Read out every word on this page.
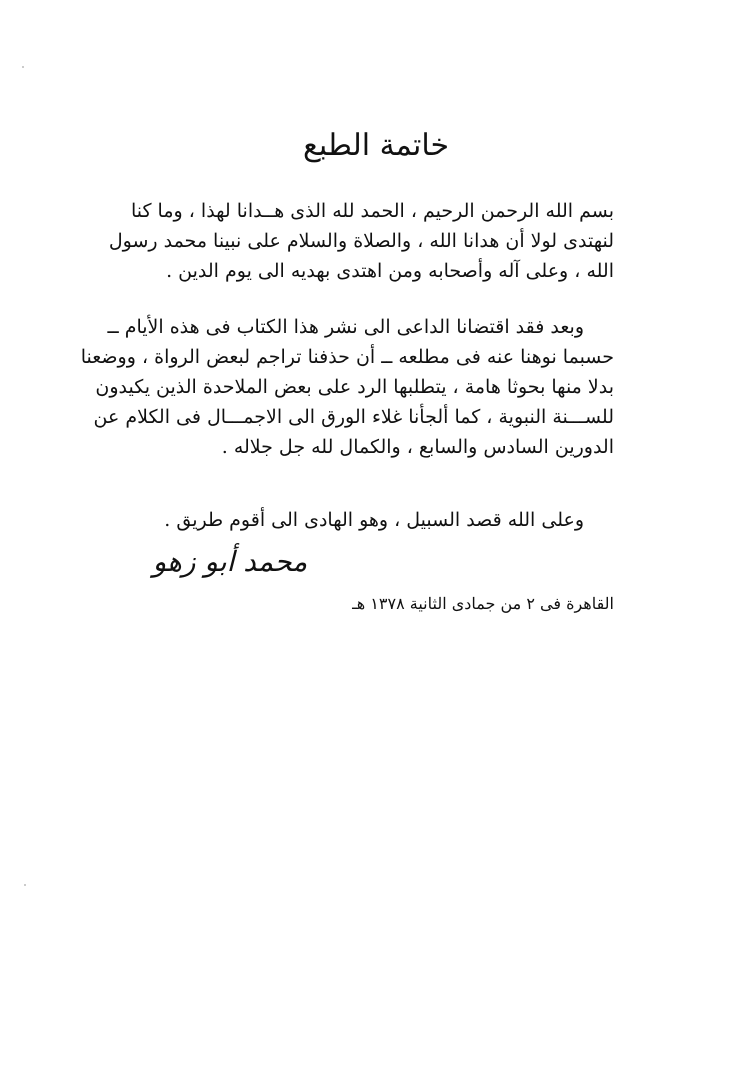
خاتمة الطبع
بسم الله الرحمن الرحيم ، الحمد لله الذى هــدانا لهذا ، وما كنا
لنهتدى لولا أن هدانا الله ، والصلاة والسلام على نبينا محمد رسول
الله ، وعلى آله وأصحابه ومن اهتدى بهديه الى يوم الدين .
وبعد فقد اقتضانا الداعى الى نشر هذا الكتاب فى هذه الأيام ــ
حسبما نوهنا عنه فى مطلعه ــ أن حذفنا تراجم لبعض الرواة ، ووضعنا
بدلا منها بحوثا هامة ، يتطلبها الرد على بعض الملاحدة الذين يكيدون
للســـنة النبوية ، كما ألجأنا غلاء الورق الى الاجمـــال فى الكلام عن
الدورين السادس والسابع ، والكمال لله جل جلاله .
وعلى الله قصد السبيل ، وهو الهادى الى أقوم طريق .
محمد أبو زهو
القاهرة فى ٢ من جمادى الثانية ١٣٧٨ هـ
